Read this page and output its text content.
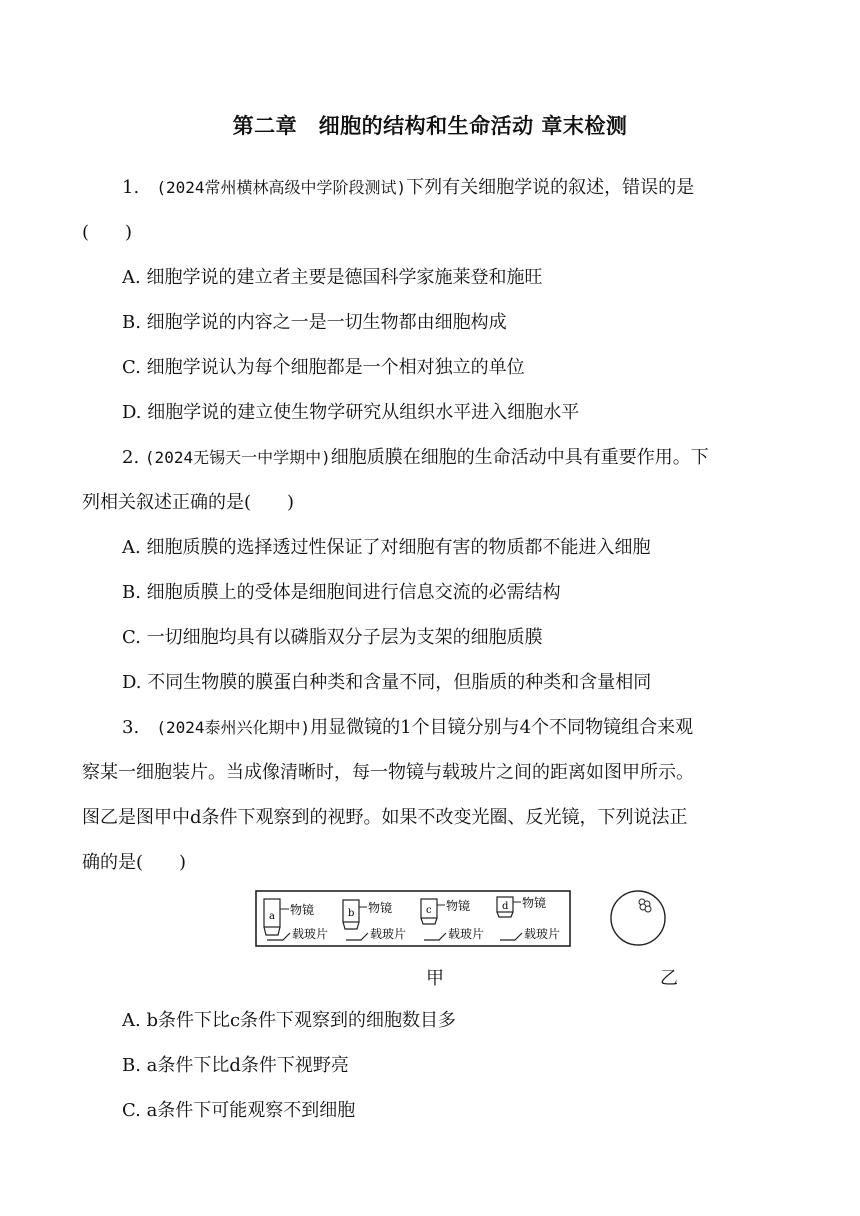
第二章　细胞的结构和生命活动 章末检测
1. (2024常州横林高级中学阶段测试)下列有关细胞学说的叙述，错误的是
(　　)
A. 细胞学说的建立者主要是德国科学家施莱登和施旺
B. 细胞学说的内容之一是一切生物都由细胞构成
C. 细胞学说认为每个细胞都是一个相对独立的单位
D. 细胞学说的建立使生物学研究从组织水平进入细胞水平
2. (2024无锡天一中学期中)细胞质膜在细胞的生命活动中具有重要作用。下
列相关叙述正确的是(　　)
A. 细胞质膜的选择透过性保证了对细胞有害的物质都不能进入细胞
B. 细胞质膜上的受体是细胞间进行信息交流的必需结构
C. 一切细胞均具有以磷脂双分子层为支架的细胞质膜
D. 不同生物膜的膜蛋白种类和含量不同，但脂质的种类和含量相同
3. (2024泰州兴化期中)用显微镜的1个目镜分别与4个不同物镜组合来观
察某一细胞装片。当成像清晰时，每一物镜与载玻片之间的距离如图甲所示。
图乙是图甲中d条件下观察到的视野。如果不改变光圈、反光镜，下列说法正
确的是(　　)
a 物镜
载玻片
b 物镜
载玻片
c 物镜
载玻片
d 物镜
载玻片
甲	乙
A. b条件下比c条件下观察到的细胞数目多
B. a条件下比d条件下视野亮
C. a条件下可能观察不到细胞
